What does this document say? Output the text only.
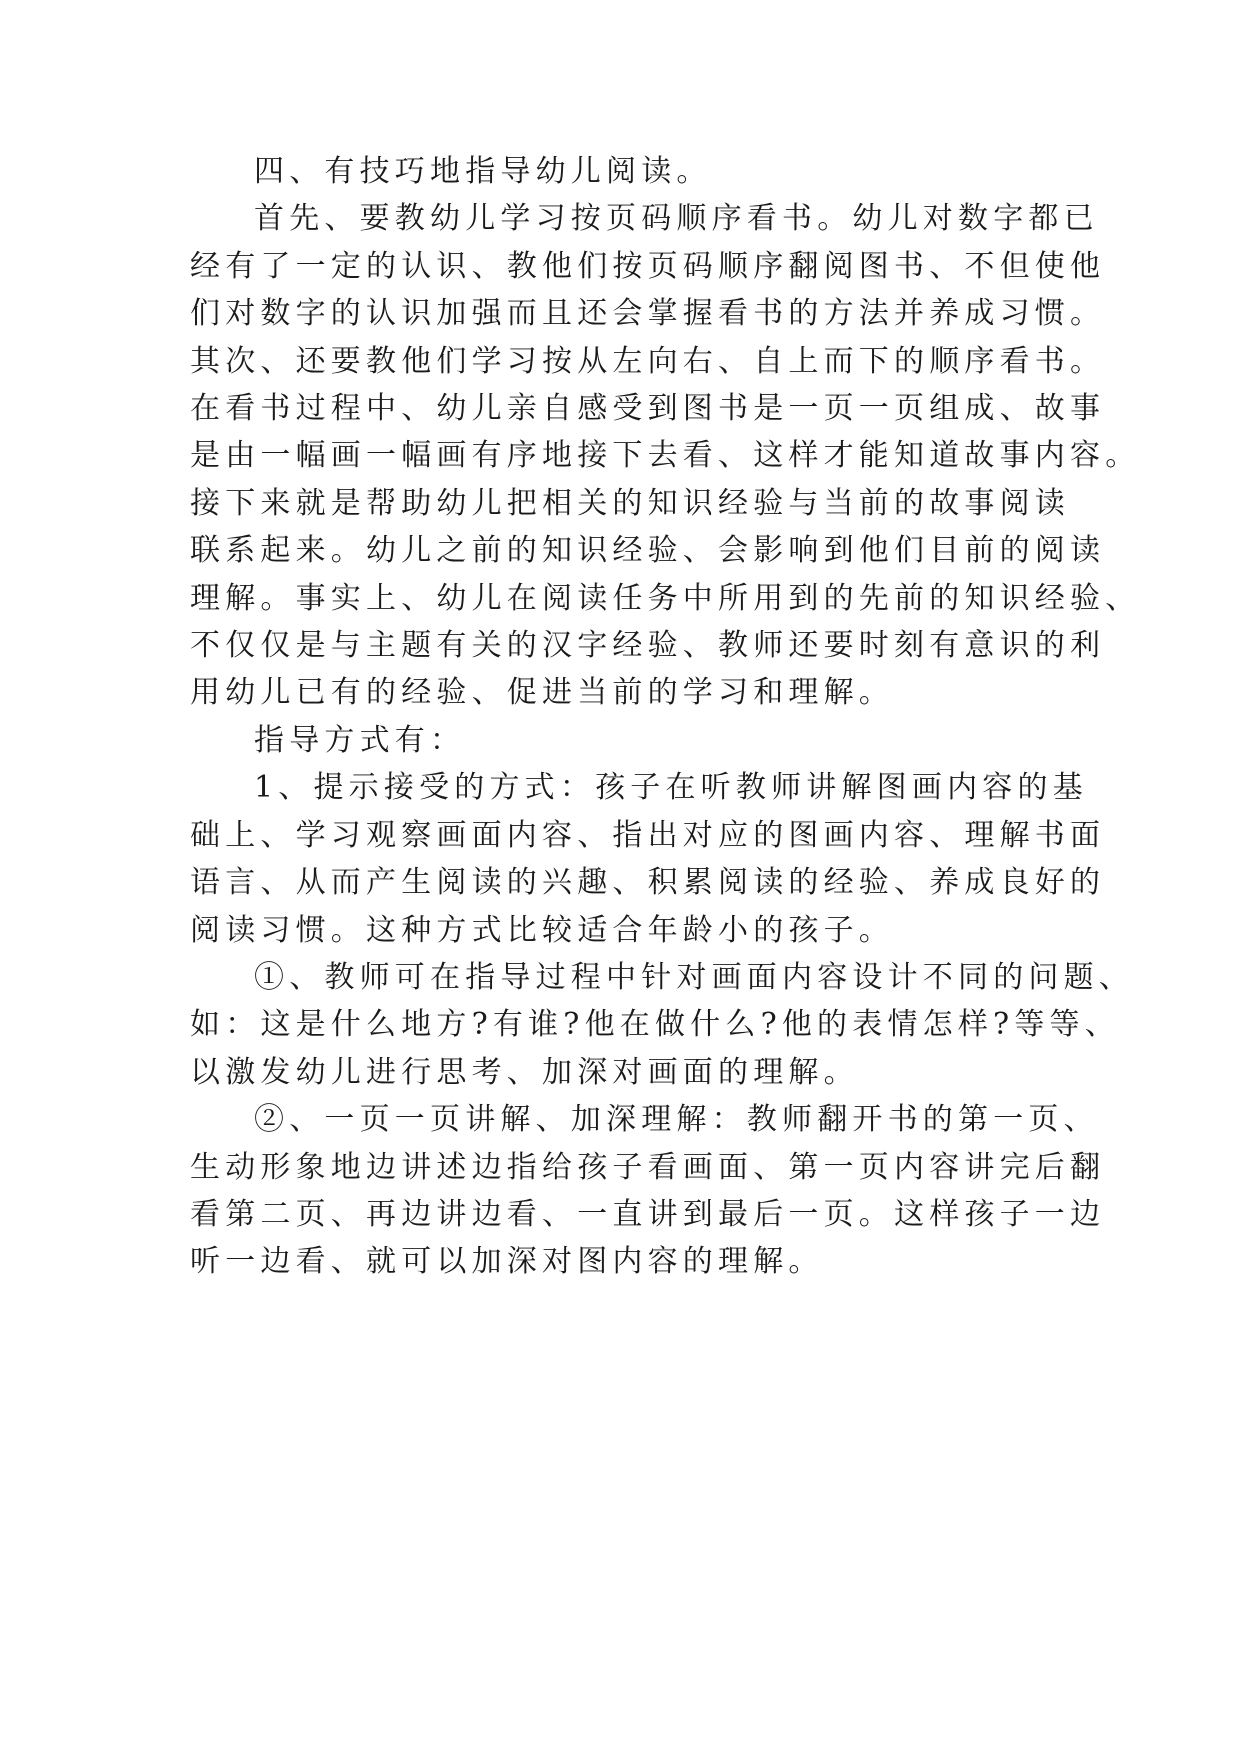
四、有技巧地指导幼儿阅读。

首先、要教幼儿学习按页码顺序看书。幼儿对数字都已
经有了一定的认识、教他们按页码顺序翻阅图书、不但使他
们对数字的认识加强而且还会掌握看书的方法并养成习惯。
其次、还要教他们学习按从左向右、自上而下的顺序看书。
在看书过程中、幼儿亲自感受到图书是一页一页组成、故事
是由一幅画一幅画有序地接下去看、这样才能知道故事内容。
接下来就是帮助幼儿把相关的知识经验与当前的故事阅读
联系起来。幼儿之前的知识经验、会影响到他们目前的阅读
理解。事实上、幼儿在阅读任务中所用到的先前的知识经验、
不仅仅是与主题有关的汉字经验、教师还要时刻有意识的利
用幼儿已有的经验、促进当前的学习和理解。

指导方式有：

1、提示接受的方式：孩子在听教师讲解图画内容的基
础上、学习观察画面内容、指出对应的图画内容、理解书面
语言、从而产生阅读的兴趣、积累阅读的经验、养成良好的
阅读习惯。这种方式比较适合年龄小的孩子。

①、教师可在指导过程中针对画面内容设计不同的问题、
如：这是什么地方?有谁?他在做什么?他的表情怎样?等等、
以激发幼儿进行思考、加深对画面的理解。

②、一页一页讲解、加深理解：教师翻开书的第一页、
生动形象地边讲述边指给孩子看画面、第一页内容讲完后翻
看第二页、再边讲边看、一直讲到最后一页。这样孩子一边
听一边看、就可以加深对图内容的理解。
